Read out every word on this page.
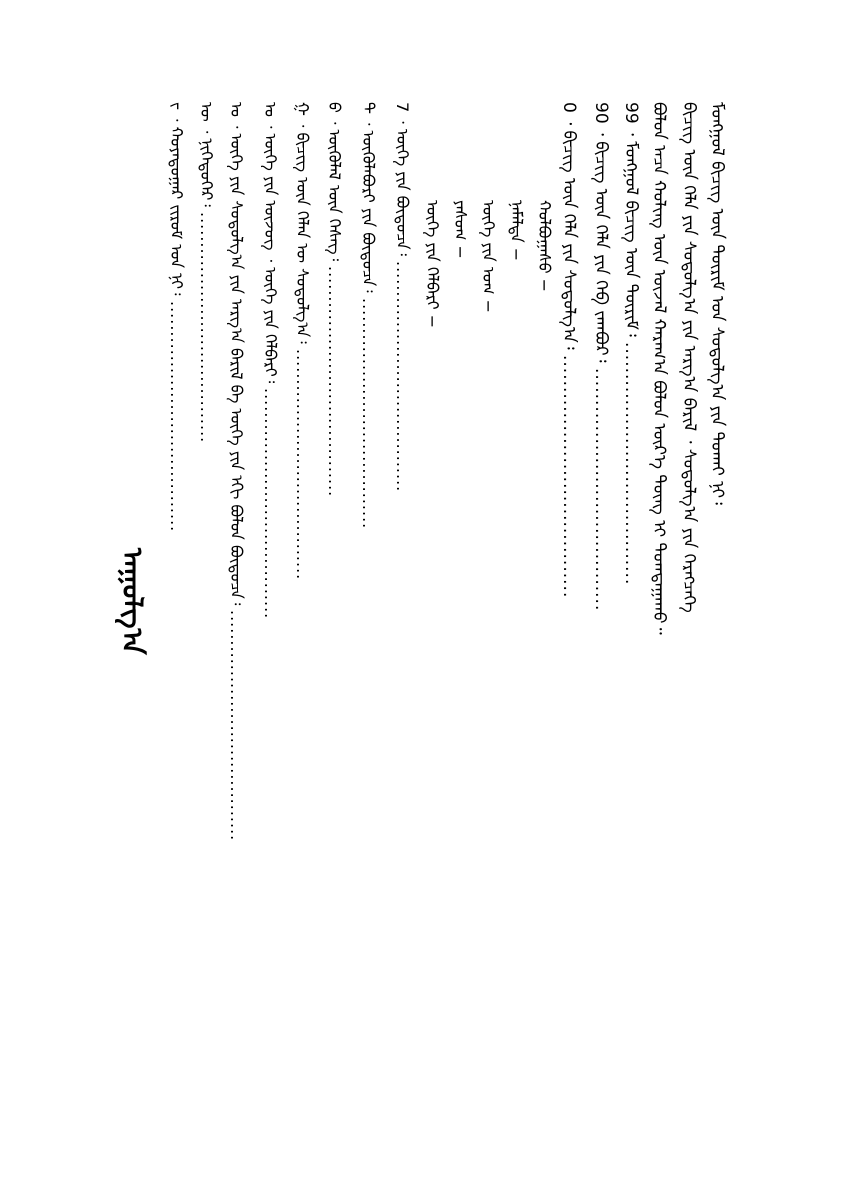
ᠠᠭᠤᠯᠭ᠎ᠠ
ᠵ ᠂ ᠬᠣᠶᠠᠳᠤᠭᠠᠷ ᠵᠢᠷᠤᠮ ᠤᠨ ᠨᠢ᠄ ......................................
ᠦ ᠂ ᠨᠢᠭᠡᠳᠦᠭᠡᠷ᠄ ...................................... ᠤ ᠂ ᠦᠭᠡ ᠶᠢᠨ ᠰᠤᠳᠤᠯᠭ᠎ᠠ ᠶᠢᠨ ᠠᠷᠭ᠎ᠠ ᠪᠠᠷᠢᠯ ᠪᠠ ᠦᠭᠡ ᠶᠢᠨ ᠡᠬᠢ ᠪᠣᠯᠤᠨ ᠪᠦᠲᠦᠴᠡ᠄ ......................................
ᠣ ᠂ ᠦᠭᠡ ᠶᠢᠨ ᠦᠵᠦᠭ ᠂ ᠦᠭᠡ ᠶᠢᠨ ᠬᠡᠯᠪᠡᠷᠢ᠄ ......................................
ᠭ ᠂ ᠪᠢᠴᠢᠭ᠌ ᠦᠨ ᠬᠡᠯᠡᠨ ᠦ ᠰᠤᠳᠤᠯᠭ᠎ᠠ᠄ ......................................
ᠪ ᠂ ᠦᠭᠦᠯᠡᠯ ᠦᠨ ᠬᠡᠰᠡᠭ᠄ ......................................
ᠲ ᠂ ᠦᠭᠦᠯᠡᠪᠦᠷᠢ ᠶᠢᠨ ᠪᠦᠲᠦᠴᠡ᠄ ......................................
7 ᠂ ᠦᠭᠡ ᠶᠢᠨ ᠪᠦᠲᠦᠴᠡ᠄ ...................................... ᠦᠭᠡ ᠶᠢᠨ ᠬᠡᠯᠪᠡᠷᠢ − ᠶᠠᠰᠤᠭ − ᠦᠭᠡ ᠶᠢᠨ ᠤᠭ − ᠨᠡᠮᠡᠯᠲᠡ − ᠬᠣᠯᠪᠣᠭᠠᠰᠤ − 0 ᠂ ᠪᠢᠴᠢᠭ᠌ ᠦᠨ ᠬᠡᠯᠡ ᠶᠢᠨ ᠰᠤᠳᠤᠯᠭ᠎ᠠ᠄ ......................................
90 ᠂ ᠪᠢᠴᠢᠭ᠌ ᠦᠨ ᠬᠡᠯᠡ ᠶᠢᠨ ᠬᠡᠪ ᠵᠠᠭᠪᠤᠷ᠄ ......................................
99 ᠂ ᠮᠣᠩᠭᠣᠯ ᠪᠢᠴᠢᠭ ᠦᠨ ᠳᠦᠷᠢᠮ᠄ ...................................... ᠪᠣᠯᠤᠨ ᠠᠴᠠ ᠬᠤᠯᠢᠩ ᠦᠨ ᠦᠵᠡᠯ ᠬᠠᠷᠠᠭ᠎ᠠ ᠪᠣᠯᠤᠨ ᠦᠷ᠎ᠡ ᠳᠦᠩ ᠢ ᠲᠣᠭᠳᠠᠭᠠᠬᠤ᠃ ᠪᠢᠴᠢᠭ᠌ ᠦᠨ ᠬᠡᠯᠡ ᠶᠢᠨ ᠰᠤᠳᠤᠯᠭ᠎ᠠ ᠶᠢᠨ ᠠᠷᠭ᠎ᠠ ᠪᠠᠷᠢᠯ ᠂ ᠰᠤᠳᠤᠯᠭ᠎ᠠ ᠶᠢᠨ ᠬᠡᠷᠡᠭᠴᠡᠭᠡ ᠮᠣᠩᠭᠣᠯ ᠪᠢᠴᠢᠭ ᠦᠨ ᠳᠦᠷᠢᠮ ᠤᠨ ᠰᠤᠳᠤᠯᠭ᠎ᠠ ᠶᠢᠨ ᠲᠣᠬᠠᠢ ᠨᠢ᠄
